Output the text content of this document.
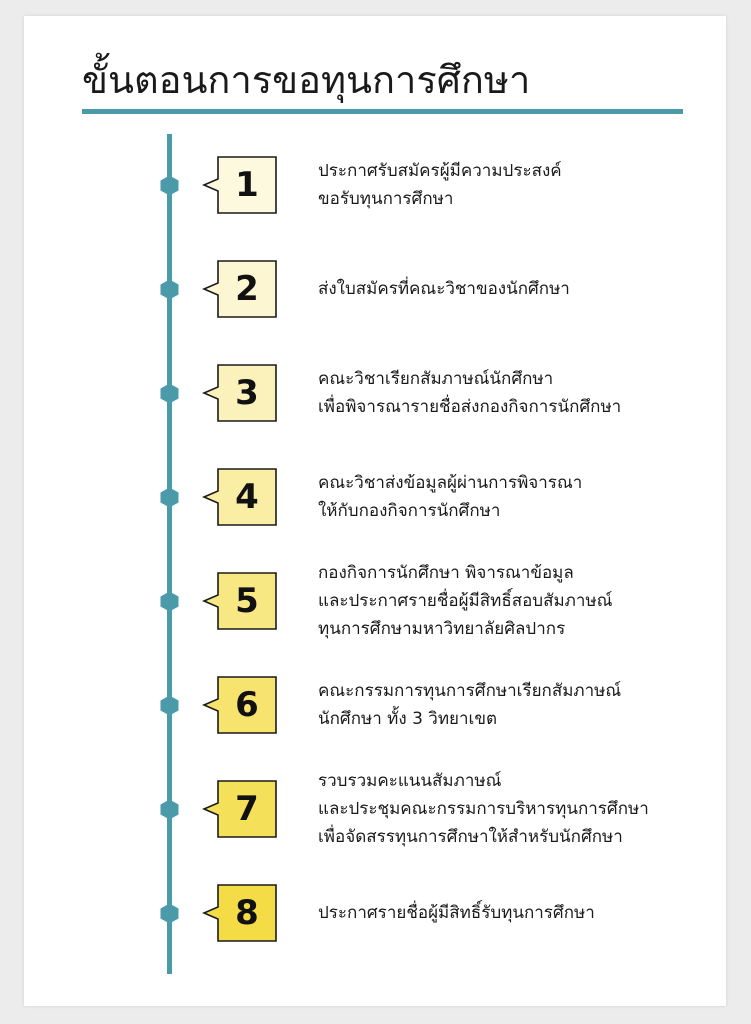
ขั้นตอนการขอทุนการศึกษา
1	ประกาศรับสมัครผู้มีความประสงค์
ขอรับทุนการศึกษา
2	ส่งใบสมัครที่คณะวิชาของนักศึกษา
3	คณะวิชาเรียกสัมภาษณ์นักศึกษา
เพื่อพิจารณารายชื่อส่งกองกิจการนักศึกษา
4	คณะวิชาส่งข้อมูลผู้ผ่านการพิจารณา
ให้กับกองกิจการนักศึกษา
5
กองกิจการนักศึกษา พิจารณาข้อมูล
และประกาศรายชื่อผู้มีสิทธิ์สอบสัมภาษณ์
ทุนการศึกษามหาวิทยาลัยศิลปากร
6	คณะกรรมการทุนการศึกษาเรียกสัมภาษณ์
นักศึกษา ทั้ง 3 วิทยาเขต
7
รวบรวมคะแนนสัมภาษณ์
และประชุมคณะกรรมการบริหารทุนการศึกษา
เพื่อจัดสรรทุนการศึกษาให้สำหรับนักศึกษา
8	ประกาศรายชื่อผู้มีสิทธิ์รับทุนการศึกษา
